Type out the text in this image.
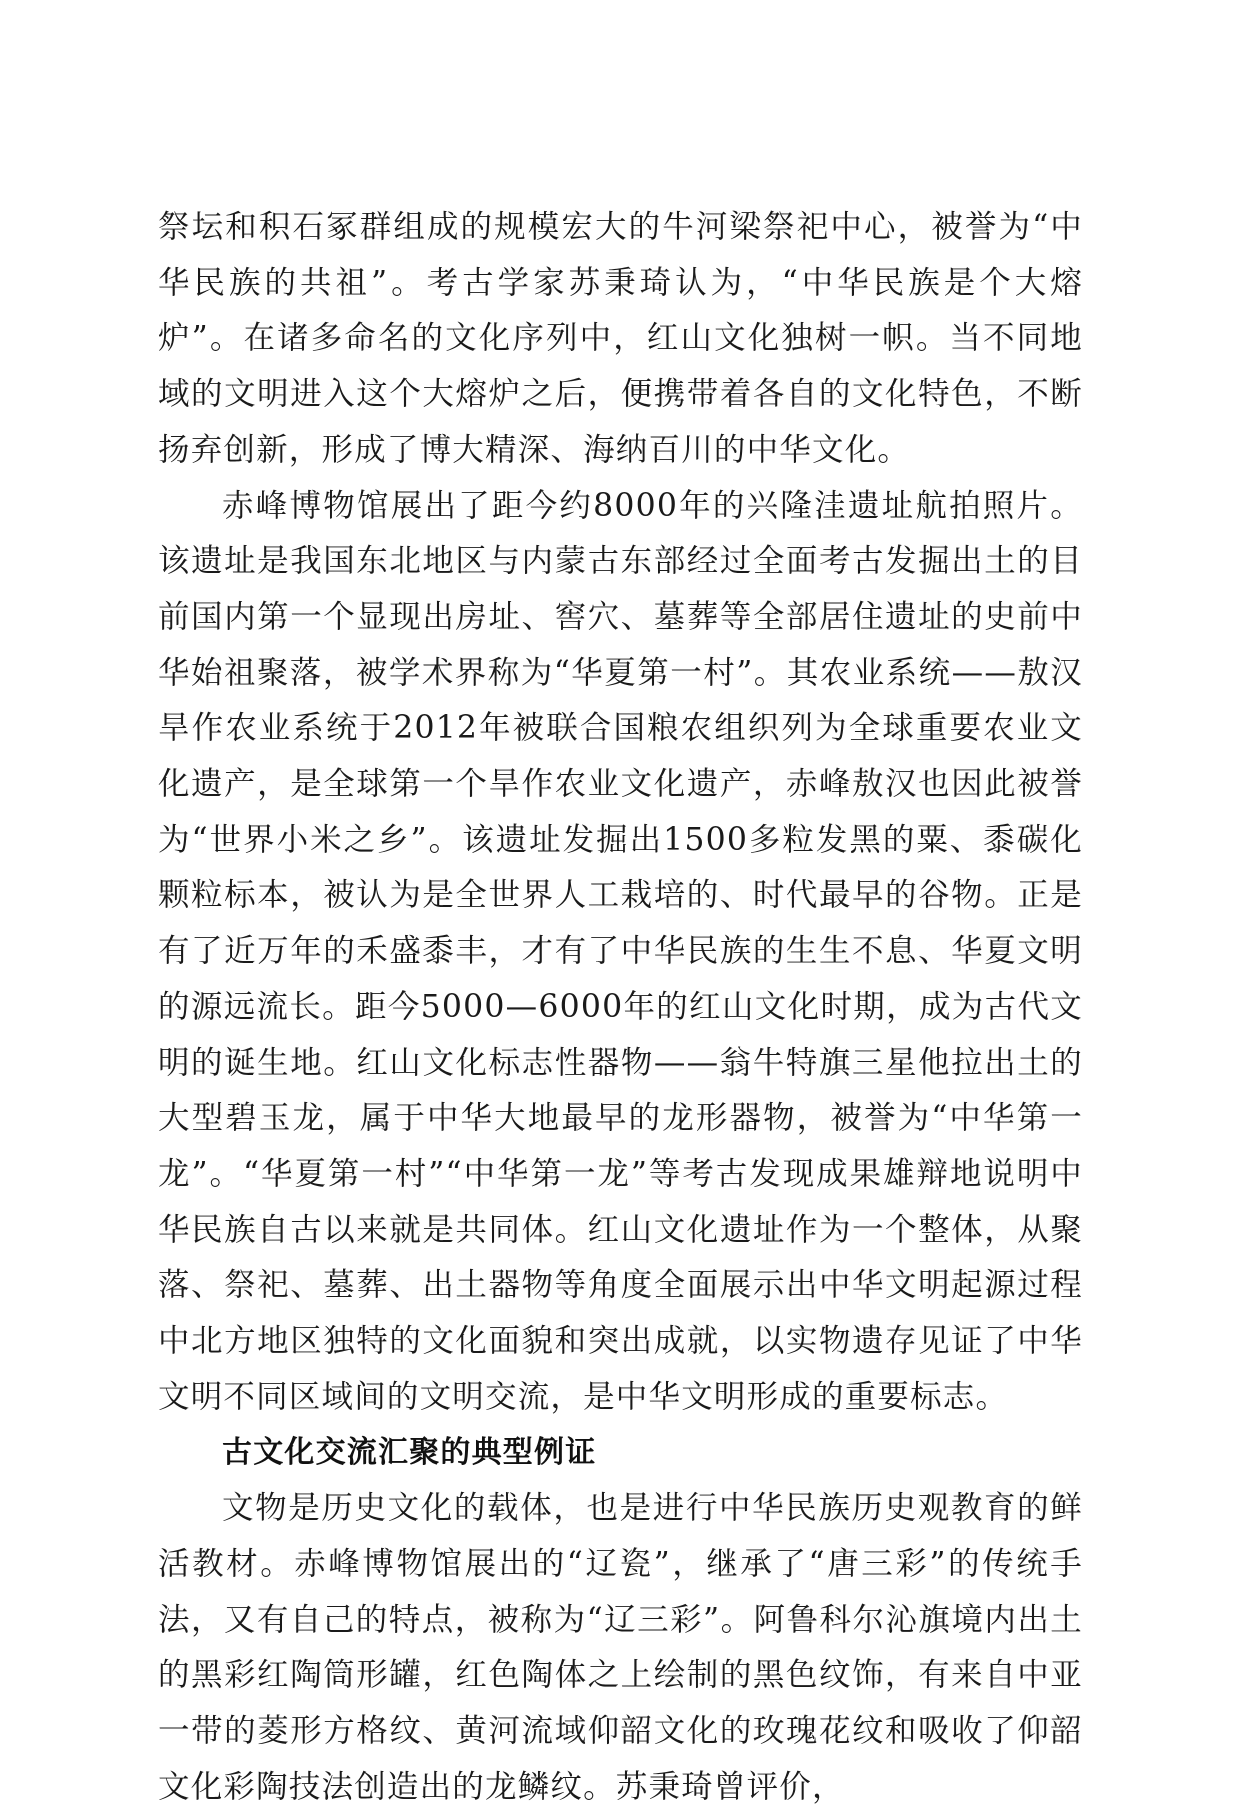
祭坛和积石冢群组成的规模宏大的牛河梁祭祀中心，被誉为“中华民族的共祖”。考古学家苏秉琦认为，“中华民族是个大熔炉”。在诸多命名的文化序列中，红山文化独树一帜。当不同地域的文明进入这个大熔炉之后，便携带着各自的文化特色，不断扬弃创新，形成了博大精深、海纳百川的中华文化。

赤峰博物馆展出了距今约8000年的兴隆洼遗址航拍照片。该遗址是我国东北地区与内蒙古东部经过全面考古发掘出土的目前国内第一个显现出房址、窖穴、墓葬等全部居住遗址的史前中华始祖聚落，被学术界称为“华夏第一村”。其农业系统——敖汉旱作农业系统于2012年被联合国粮农组织列为全球重要农业文化遗产，是全球第一个旱作农业文化遗产，赤峰敖汉也因此被誉为“世界小米之乡”。该遗址发掘出1500多粒发黑的粟、黍碳化颗粒标本，被认为是全世界人工栽培的、时代最早的谷物。正是有了近万年的禾盛黍丰，才有了中华民族的生生不息、华夏文明的源远流长。距今5000—6000年的红山文化时期，成为古代文明的诞生地。红山文化标志性器物——翁牛特旗三星他拉出土的大型碧玉龙，属于中华大地最早的龙形器物，被誉为“中华第一龙”。“华夏第一村”“中华第一龙”等考古发现成果雄辩地说明中华民族自古以来就是共同体。红山文化遗址作为一个整体，从聚落、祭祀、墓葬、出土器物等角度全面展示出中华文明起源过程中北方地区独特的文化面貌和突出成就，以实物遗存见证了中华文明不同区域间的文明交流，是中华文明形成的重要标志。

古文化交流汇聚的典型例证

文物是历史文化的载体，也是进行中华民族历史观教育的鲜活教材。赤峰博物馆展出的“辽瓷”，继承了“唐三彩”的传统手法，又有自己的特点，被称为“辽三彩”。阿鲁科尔沁旗境内出土的黑彩红陶筒形罐，红色陶体之上绘制的黑色纹饰，有来自中亚一带的菱形方格纹、黄河流域仰韶文化的玫瑰花纹和吸收了仰韶文化彩陶技法创造出的龙鳞纹。苏秉琦曾评价，
